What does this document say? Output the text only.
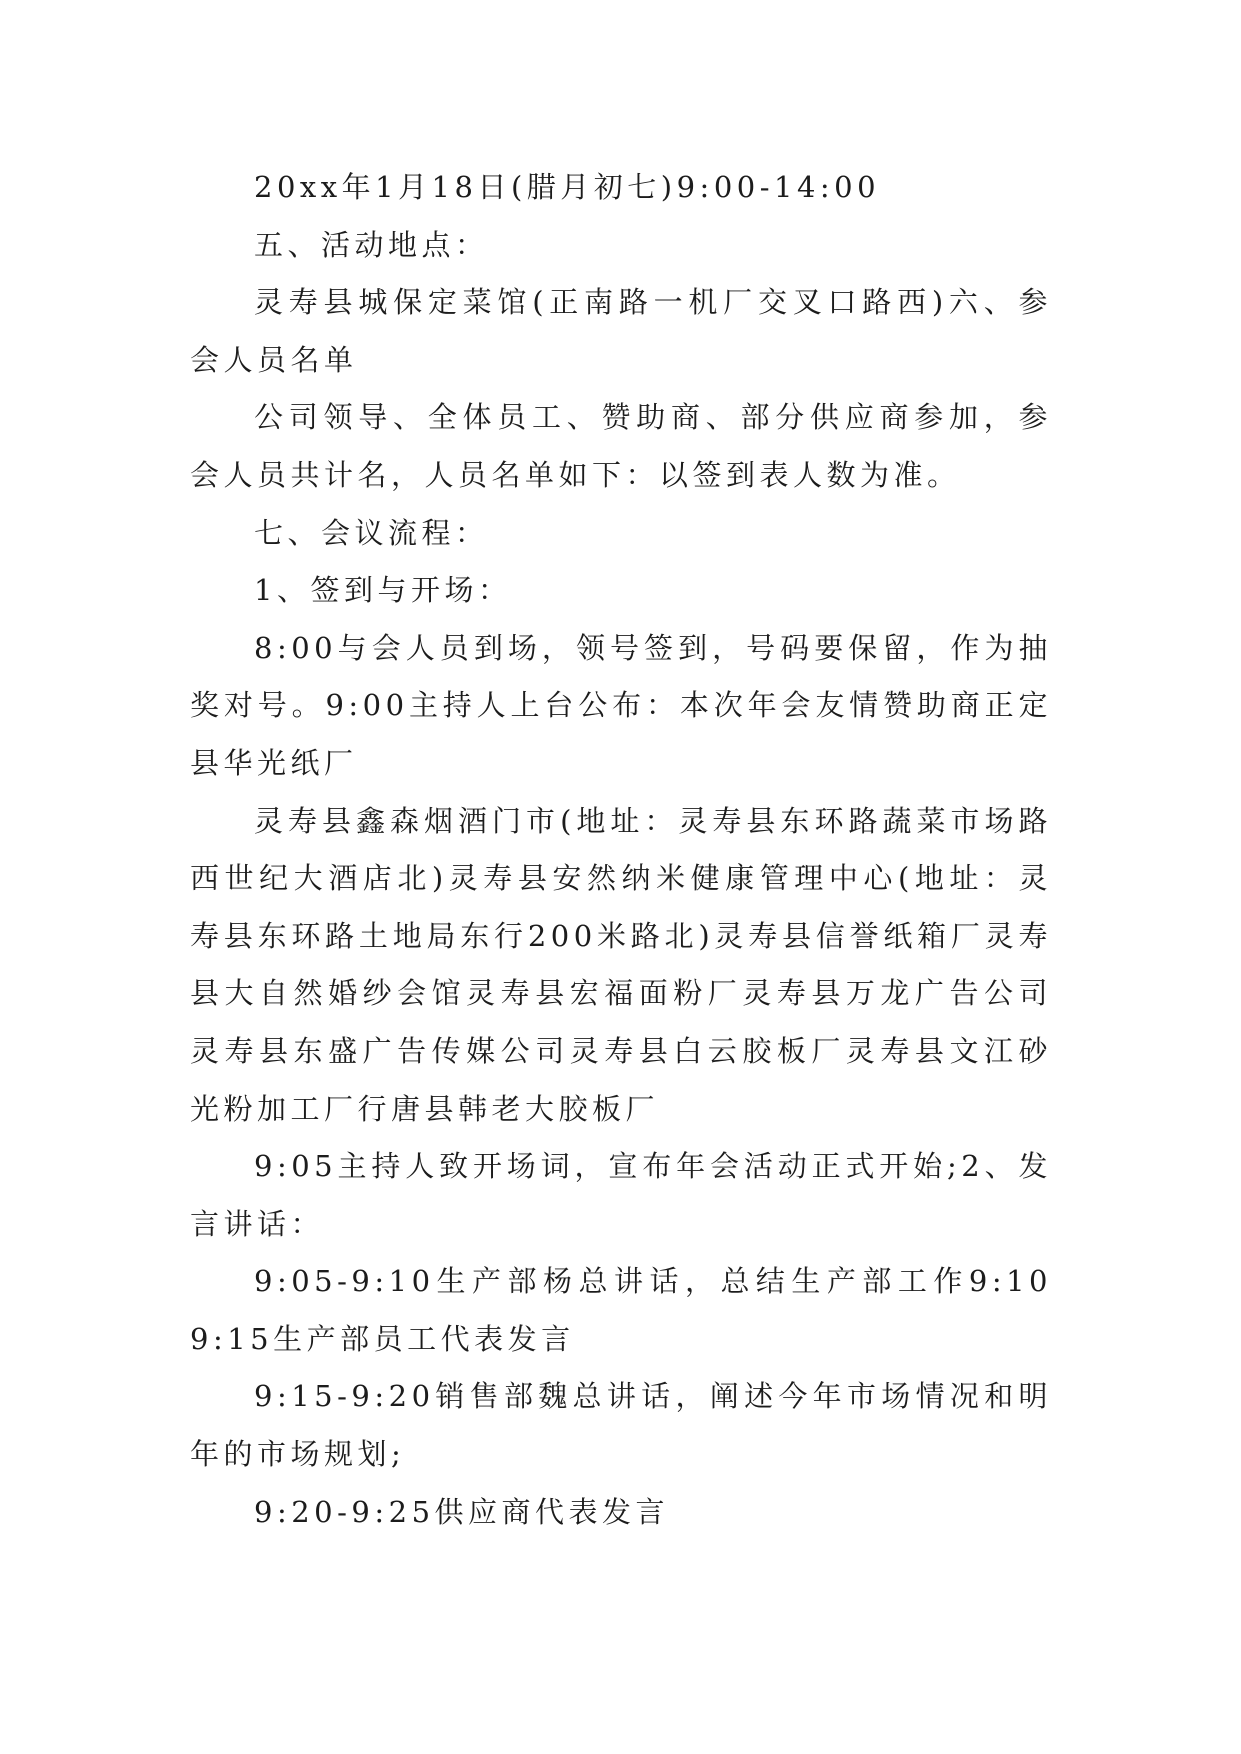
20xx年1月18日(腊月初七)9:00-14:00

五、活动地点：

灵寿县城保定菜馆(正南路一机厂交叉口路西)六、参会人员名单

公司领导、全体员工、赞助商、部分供应商参加，参会人员共计名，人员名单如下：以签到表人数为准。

七、会议流程：

1、签到与开场：

8:00与会人员到场，领号签到，号码要保留，作为抽奖对号。9:00主持人上台公布：本次年会友情赞助商正定县华光纸厂

灵寿县鑫森烟酒门市(地址：灵寿县东环路蔬菜市场路西世纪大酒店北)灵寿县安然纳米健康管理中心(地址：灵寿县东环路土地局东行200米路北)灵寿县信誉纸箱厂灵寿县大自然婚纱会馆灵寿县宏福面粉厂灵寿县万龙广告公司灵寿县东盛广告传媒公司灵寿县白云胶板厂灵寿县文江砂光粉加工厂行唐县韩老大胶板厂

9:05主持人致开场词，宣布年会活动正式开始;2、发言讲话：

9:05-9:10生产部杨总讲话，总结生产部工作9:109:15生产部员工代表发言

9:15-9:20销售部魏总讲话，阐述今年市场情况和明年的市场规划;

9:20-9:25供应商代表发言
